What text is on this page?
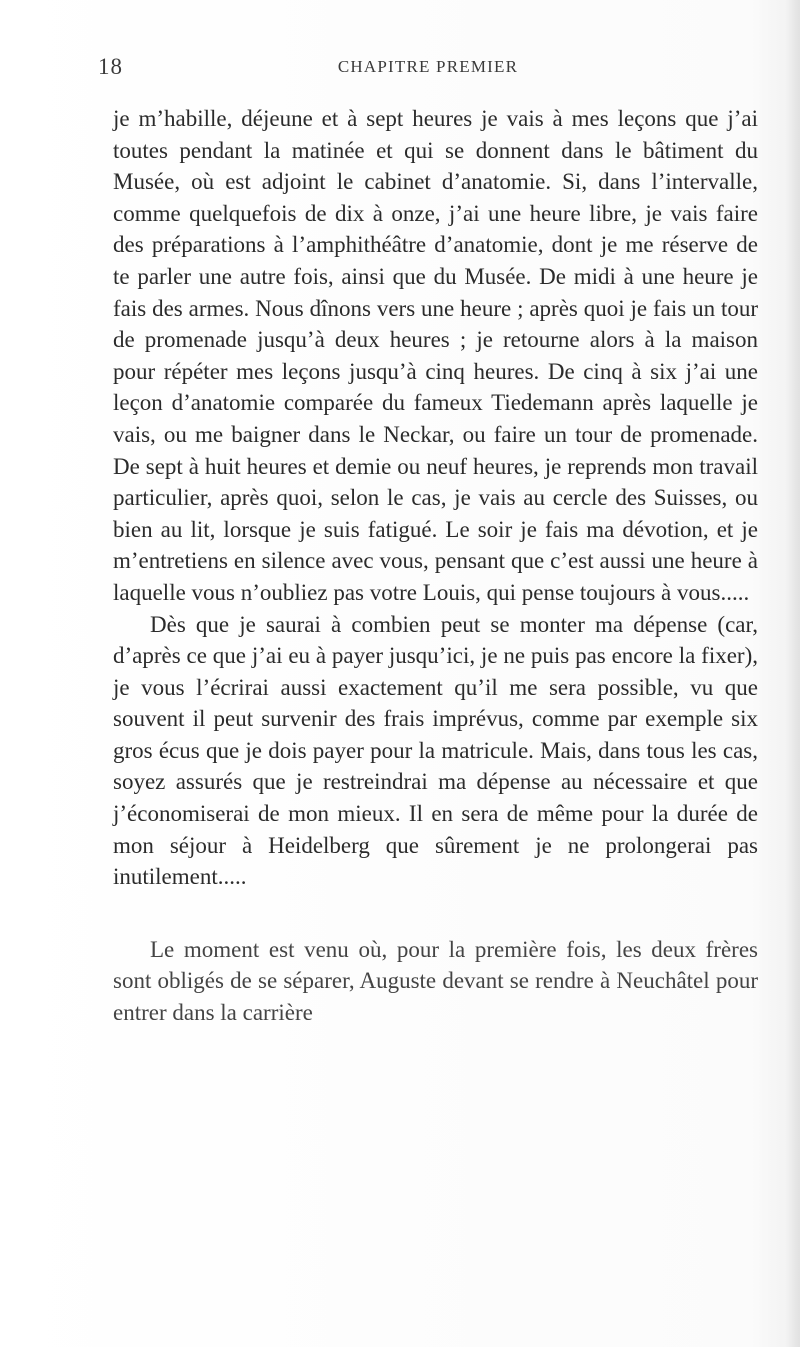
18	CHAPITRE PREMIER

je m’habille, déjeune et à sept heures je vais à mes leçons que j’ai toutes pendant la matinée et qui se donnent dans le bâtiment du Musée, où est adjoint le cabinet d’anatomie. Si, dans l’intervalle, comme quelquefois de dix à onze, j’ai une heure libre, je vais faire des préparations à l’amphithéâtre d’anatomie, dont je me réserve de te parler une autre fois, ainsi que du Musée. De midi à une heure je fais des armes. Nous dînons vers une heure ; après quoi je fais un tour de promenade jusqu’à deux heures ; je retourne alors à la maison pour répéter mes leçons jusqu’à cinq heures. De cinq à six j’ai une leçon d’anatomie comparée du fameux Tiedemann après laquelle je vais, ou me baigner dans le Neckar, ou faire un tour de promenade. De sept à huit heures et demie ou neuf heures, je reprends mon travail particulier, après quoi, selon le cas, je vais au cercle des Suisses, ou bien au lit, lorsque je suis fatigué. Le soir je fais ma dévotion, et je m’entretiens en silence avec vous, pensant que c’est aussi une heure à laquelle vous n’oubliez pas votre Louis, qui pense toujours à vous.....

Dès que je saurai à combien peut se monter ma dépense (car, d’après ce que j’ai eu à payer jusqu’ici, je ne puis pas encore la fixer), je vous l’écrirai aussi exactement qu’il me sera possible, vu que souvent il peut survenir des frais imprévus, comme par exemple six gros écus que je dois payer pour la matricule. Mais, dans tous les cas, soyez assurés que je restreindrai ma dépense au nécessaire et que j’économiserai de mon mieux. Il en sera de même pour la durée de mon séjour à Heidelberg que sûrement je ne prolongerai pas inutilement.....

Le moment est venu où, pour la première fois, les deux frères sont obligés de se séparer, Auguste devant se rendre à Neuchâtel pour entrer dans la carrière
